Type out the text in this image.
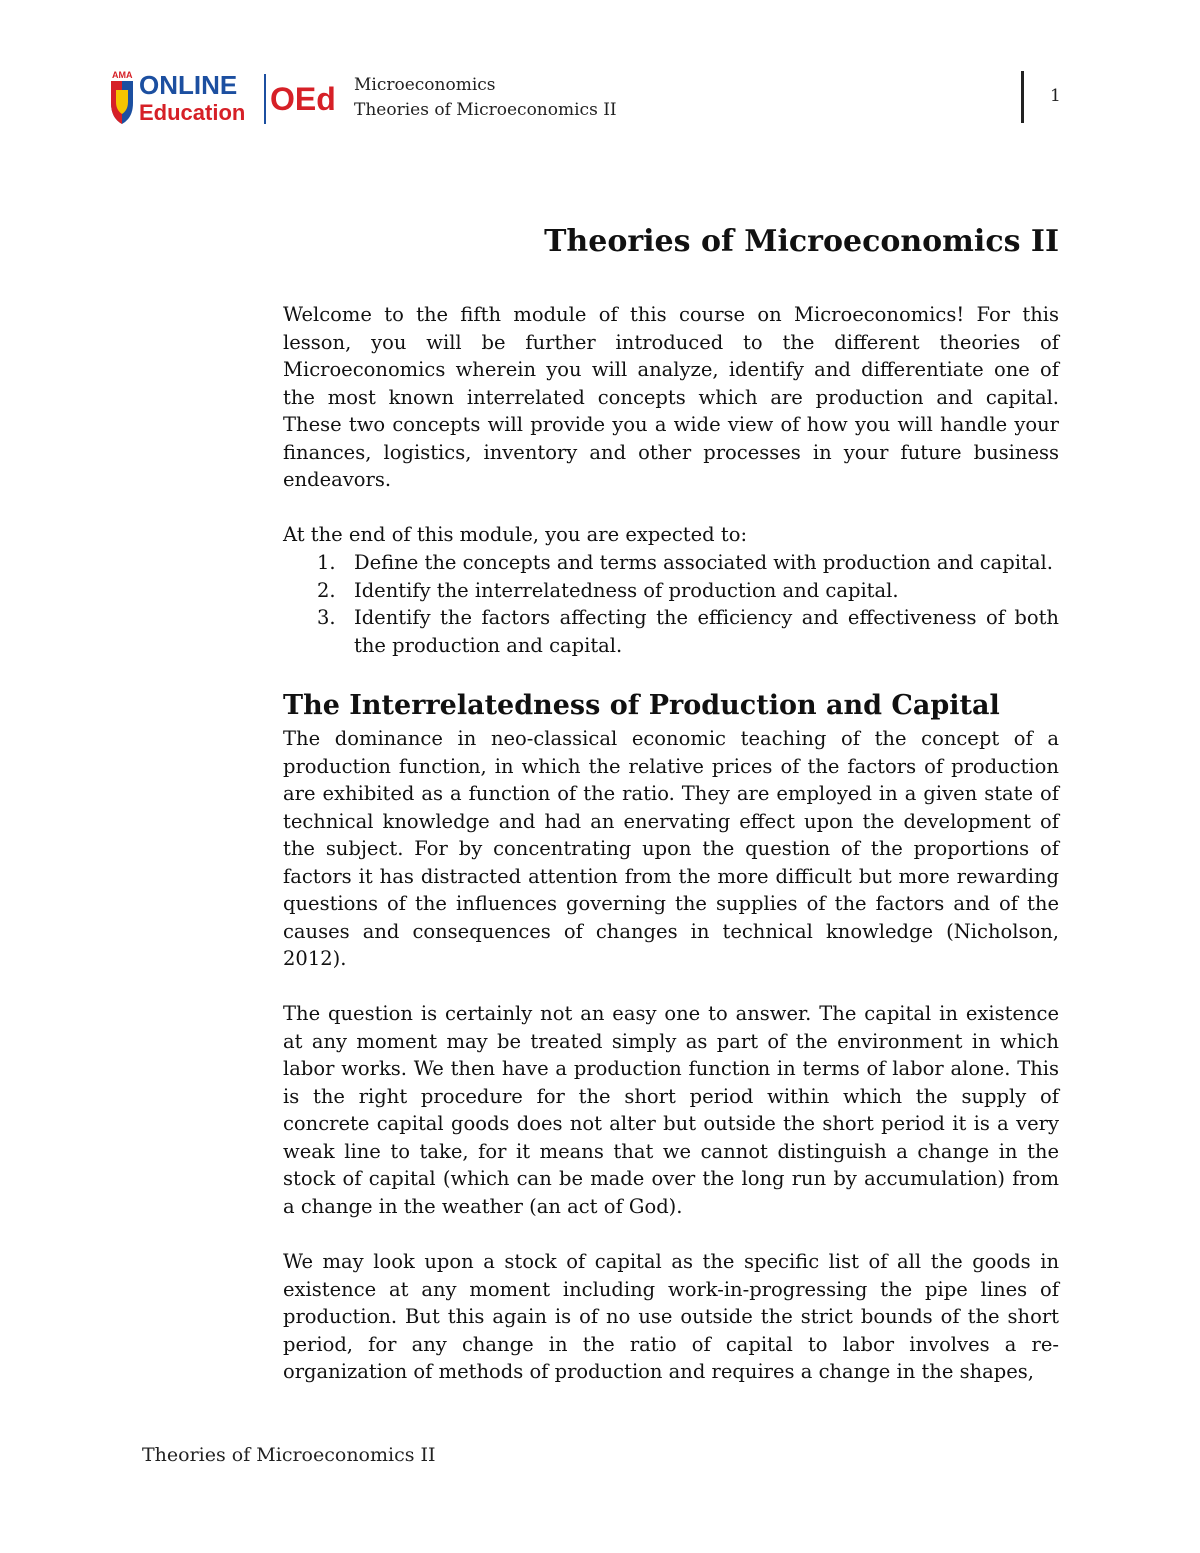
AMA ONLINE
Education OEd Microeconomics
Theories of Microeconomics II
1
Theories of Microeconomics II

Welcome to the fifth module of this course on Microeconomics! For this lesson, you will be further introduced to the different theories of Microeconomics wherein you will analyze, identify and differentiate one of the most known interrelated concepts which are production and capital. These two concepts will provide you a wide view of how you will handle your finances, logistics, inventory and other processes in your future business endeavors.

At the end of this module, you are expected to:

1. Define the concepts and terms associated with production and capital.
2. Identify the interrelatedness of production and capital.
3. Identify the factors affecting the efficiency and effectiveness of both the production and capital.
The Interrelatedness of Production and Capital

The dominance in neo-classical economic teaching of the concept of a production function, in which the relative prices of the factors of production are exhibited as a function of the ratio. They are employed in a given state of technical knowledge and had an enervating effect upon the development of the subject. For by concentrating upon the question of the proportions of factors it has distracted attention from the more difficult but more rewarding questions of the influences governing the supplies of the factors and of the causes and consequences of changes in technical knowledge (Nicholson, 2012).

The question is certainly not an easy one to answer. The capital in existence at any moment may be treated simply as part of the environment in which labor works. We then have a production function in terms of labor alone. This is the right procedure for the short period within which the supply of concrete capital goods does not alter but outside the short period it is a very weak line to take, for it means that we cannot distinguish a change in the stock of capital (which can be made over the long run by accumulation) from a change in the weather (an act of God).

We may look upon a stock of capital as the specific list of all the goods in existence at any moment including work-in-progressing the pipe lines of production. But this again is of no use outside the strict bounds of the short period, for any change in the ratio of capital to labor involves a re-organization of methods of production and requires a change in the shapes,

Theories of Microeconomics II
